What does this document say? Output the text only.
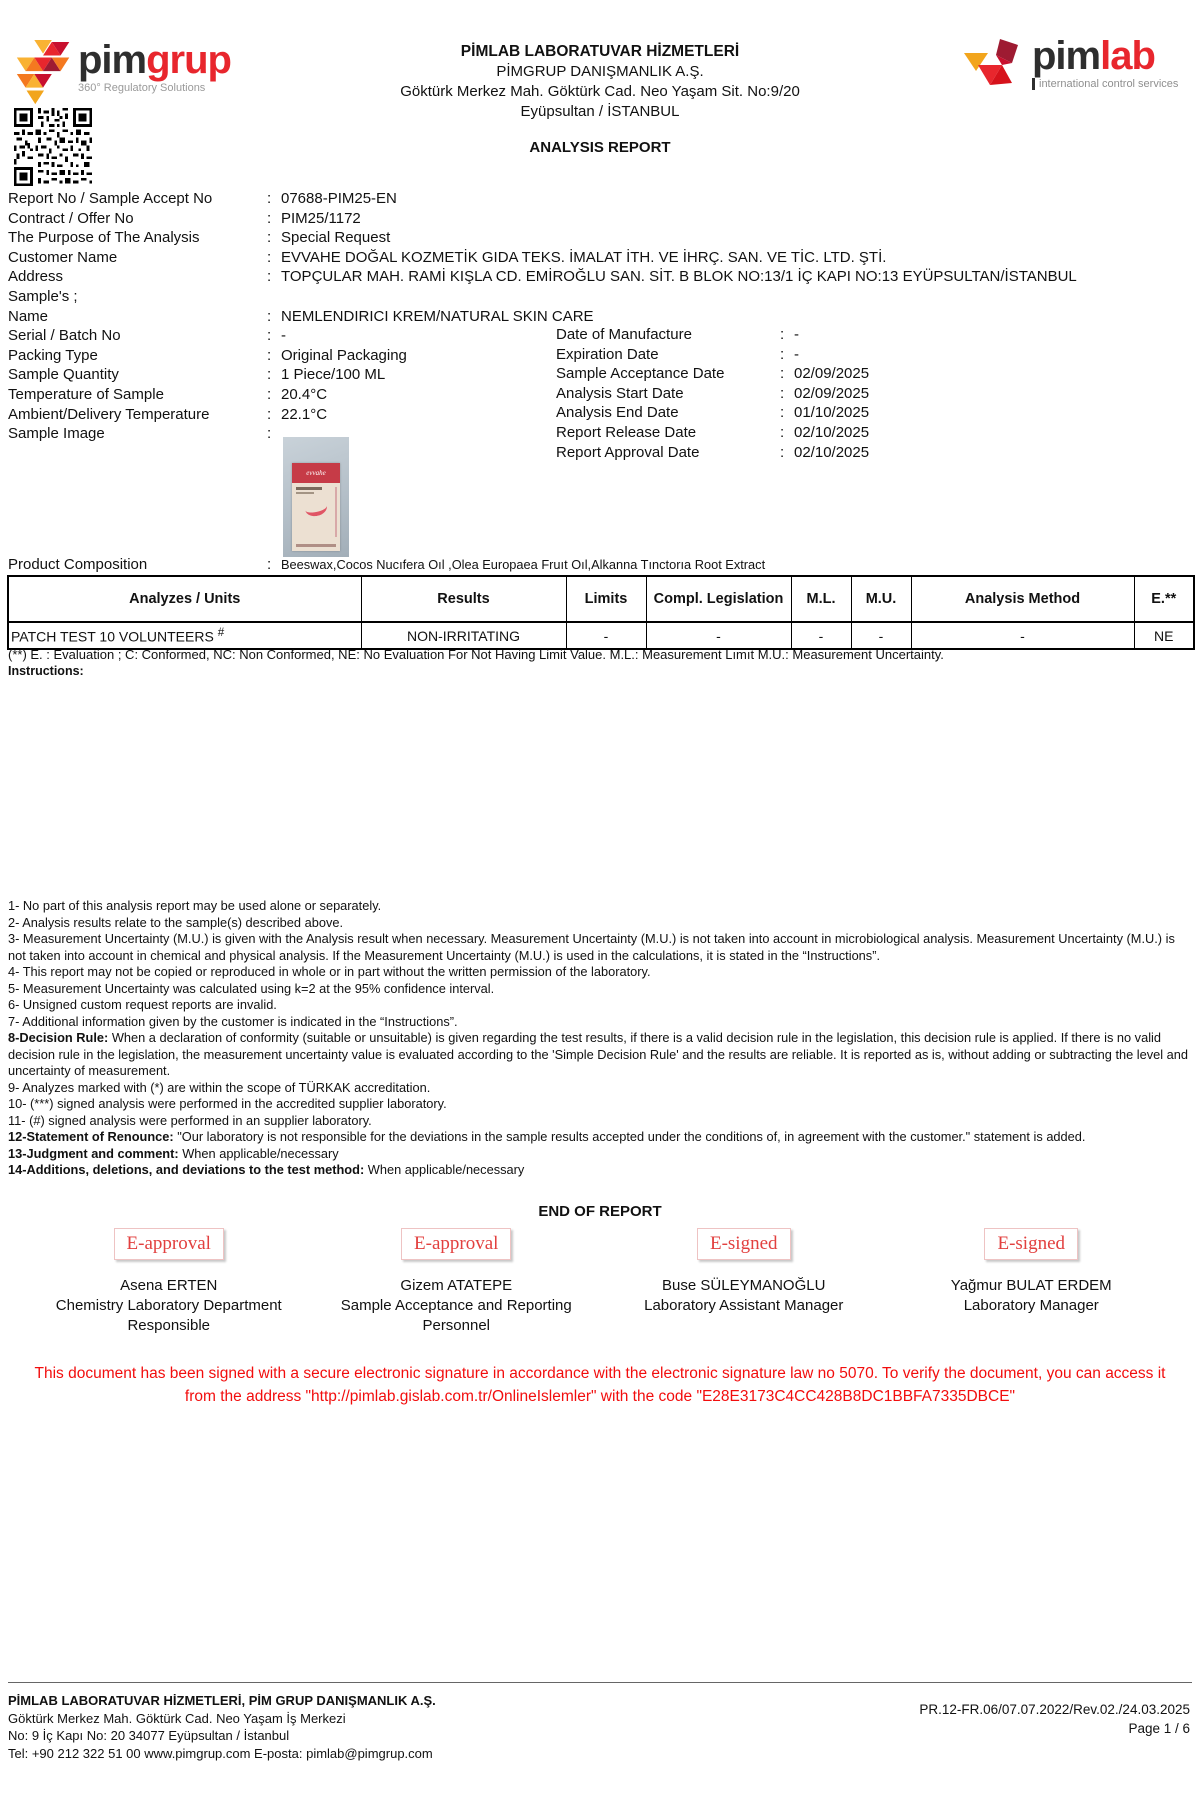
pimgrup
360° Regulatory Solutions
PİMLAB LABORATUVAR HİZMETLERİ
PİMGRUP DANIŞMANLIK A.Ş.
Göktürk Merkez Mah. Göktürk Cad. Neo Yaşam Sit. No:9/20
Eyüpsultan / İSTANBUL
ANALYSIS REPORT
pimlab
international control services
Report No / Sample Accept No	: 07688-PIM25-EN
Contract / Offer No	: PIM25/1172
The Purpose of The Analysis	: Special Request
Customer Name	: EVVAHE DOĞAL KOZMETİK GIDA TEKS. İMALAT İTH. VE İHRÇ. SAN. VE TİC. LTD. ŞTİ.
Address	: TOPÇULAR MAH. RAMİ KIŞLA CD. EMİROĞLU SAN. SİT. B BLOK NO:13/1 İÇ KAPI NO:13 EYÜPSULTAN/İSTANBUL
Sample's ;
Name	: NEMLENDIRICI KREM/NATURAL SKIN CARE
Serial / Batch No	: -
Packing Type	: Original Packaging
Sample Quantity	: 1 Piece/100 ML
Temperature of Sample	: 20.4°C
Ambient/Delivery Temperature	: 22.1°C
Sample Image	:
Date of Manufacture	: -
Expiration Date	: -
Sample Acceptance Date	: 02/09/2025
Analysis Start Date	: 02/09/2025
Analysis End Date	: 01/10/2025
Report Release Date	: 02/10/2025
Report Approval Date	: 02/10/2025
evvahe
Product Composition	: Beeswax,Cocos Nucıfera Oıl ,Olea Europaea Fruıt Oıl,Alkanna Tınctorıa Root Extract
Analyzes / Units	Results	Limits	Compl. Legislation	M.L.	M.U.	Analysis Method	E.**
PATCH TEST 10 VOLUNTEERS #	NON-IRRITATING	-	-	-	-	-	NE
(**) E. : Evaluation ; C: Conformed, NC: Non Conformed, NE: No Evaluation For Not Having Limit Value. M.L.: Measurement Lımıt M.U.: Measurement Uncertainty.
Instructions:
1- No part of this analysis report may be used alone or separately.
2- Analysis results relate to the sample(s) described above.
3- Measurement Uncertainty (M.U.) is given with the Analysis result when necessary. Measurement Uncertainty (M.U.) is not taken into account in microbiological analysis. Measurement Uncertainty (M.U.) is not taken into account in chemical and physical analysis. If the Measurement Uncertainty (M.U.) is used in the calculations, it is stated in the “Instructions”.
4- This report may not be copied or reproduced in whole or in part without the written permission of the laboratory.
5- Measurement Uncertainty was calculated using k=2 at the 95% confidence interval.
6- Unsigned custom request reports are invalid.
7- Additional information given by the customer is indicated in the “Instructions”.
8-Decision Rule: When a declaration of conformity (suitable or unsuitable) is given regarding the test results, if there is a valid decision rule in the legislation, this decision rule is applied. If there is no valid decision rule in the legislation, the measurement uncertainty value is evaluated according to the 'Simple Decision Rule' and the results are reliable. It is reported as is, without adding or subtracting the level and uncertainty of measurement.
9- Analyzes marked with (*) are within the scope of TÜRKAK accreditation.
10- (***) signed analysis were performed in the accredited supplier laboratory.
11- (#) signed analysis were performed in an supplier laboratory.
12-Statement of Renounce: "Our laboratory is not responsible for the deviations in the sample results accepted under the conditions of, in agreement with the customer." statement is added.
13-Judgment and comment: When applicable/necessary
14-Additions, deletions, and deviations to the test method: When applicable/necessary
END OF REPORT
E-approval
Asena ERTEN
Chemistry Laboratory Department Responsible
E-approval
Gizem ATATEPE
Sample Acceptance and Reporting Personnel
E-signed
Buse SÜLEYMANOĞLU
Laboratory Assistant Manager
E-signed
Yağmur BULAT ERDEM
Laboratory Manager
This document has been signed with a secure electronic signature in accordance with the electronic signature law no 5070. To verify the document, you can access it from the address "http://pimlab.gislab.com.tr/OnlineIslemler" with the code "E28E3173C4CC428B8DC1BBFA7335DBCE"
PİMLAB LABORATUVAR HİZMETLERİ, PİM GRUP DANIŞMANLIK A.Ş.
Göktürk Merkez Mah. Göktürk Cad. Neo Yaşam İş Merkezi
No: 9 İç Kapı No: 20 34077 Eyüpsultan / İstanbul
Tel: +90 212 322 51 00 www.pimgrup.com E-posta: pimlab@pimgrup.com
PR.12-FR.06/07.07.2022/Rev.02./24.03.2025
Page 1 / 6
